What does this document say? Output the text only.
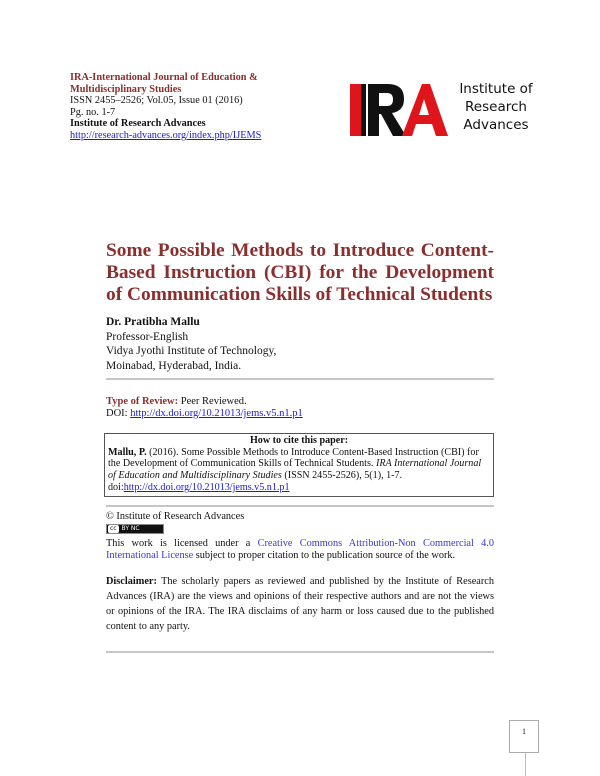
IRA-International Journal of Education & Multidisciplinary Studies
ISSN 2455–2526; Vol.05, Issue 01 (2016)
Pg. no. 1-7
Institute of Research Advances
http://research-advances.org/index.php/IJEMS
Institute of
Research
Advances
Some Possible Methods to Introduce Content-Based Instruction (CBI) for the Development of Communication Skills of Technical Students
Dr. Pratibha Mallu
Professor-English
Vidya Jyothi Institute of Technology,
Moinabad, Hyderabad, India.
Type of Review: Peer Reviewed.
DOI: http://dx.doi.org/10.21013/jems.v5.n1.p1
How to cite this paper:
Mallu, P. (2016). Some Possible Methods to Introduce Content-Based Instruction (CBI) for the Development of Communication Skills of Technical Students. IRA International Journal of Education and Multidisciplinary Studies (ISSN 2455-2526), 5(1), 1-7. doi:http://dx.doi.org/10.21013/jems.v5.n1.p1
© Institute of Research Advances
cc BY NC
This work is licensed under a Creative Commons Attribution-Non Commercial 4.0 International License subject to proper citation to the publication source of the work.
Disclaimer: The scholarly papers as reviewed and published by the Institute of Research Advances (IRA) are the views and opinions of their respective authors and are not the views or opinions of the IRA. The IRA disclaims of any harm or loss caused due to the published content to any party.
1
